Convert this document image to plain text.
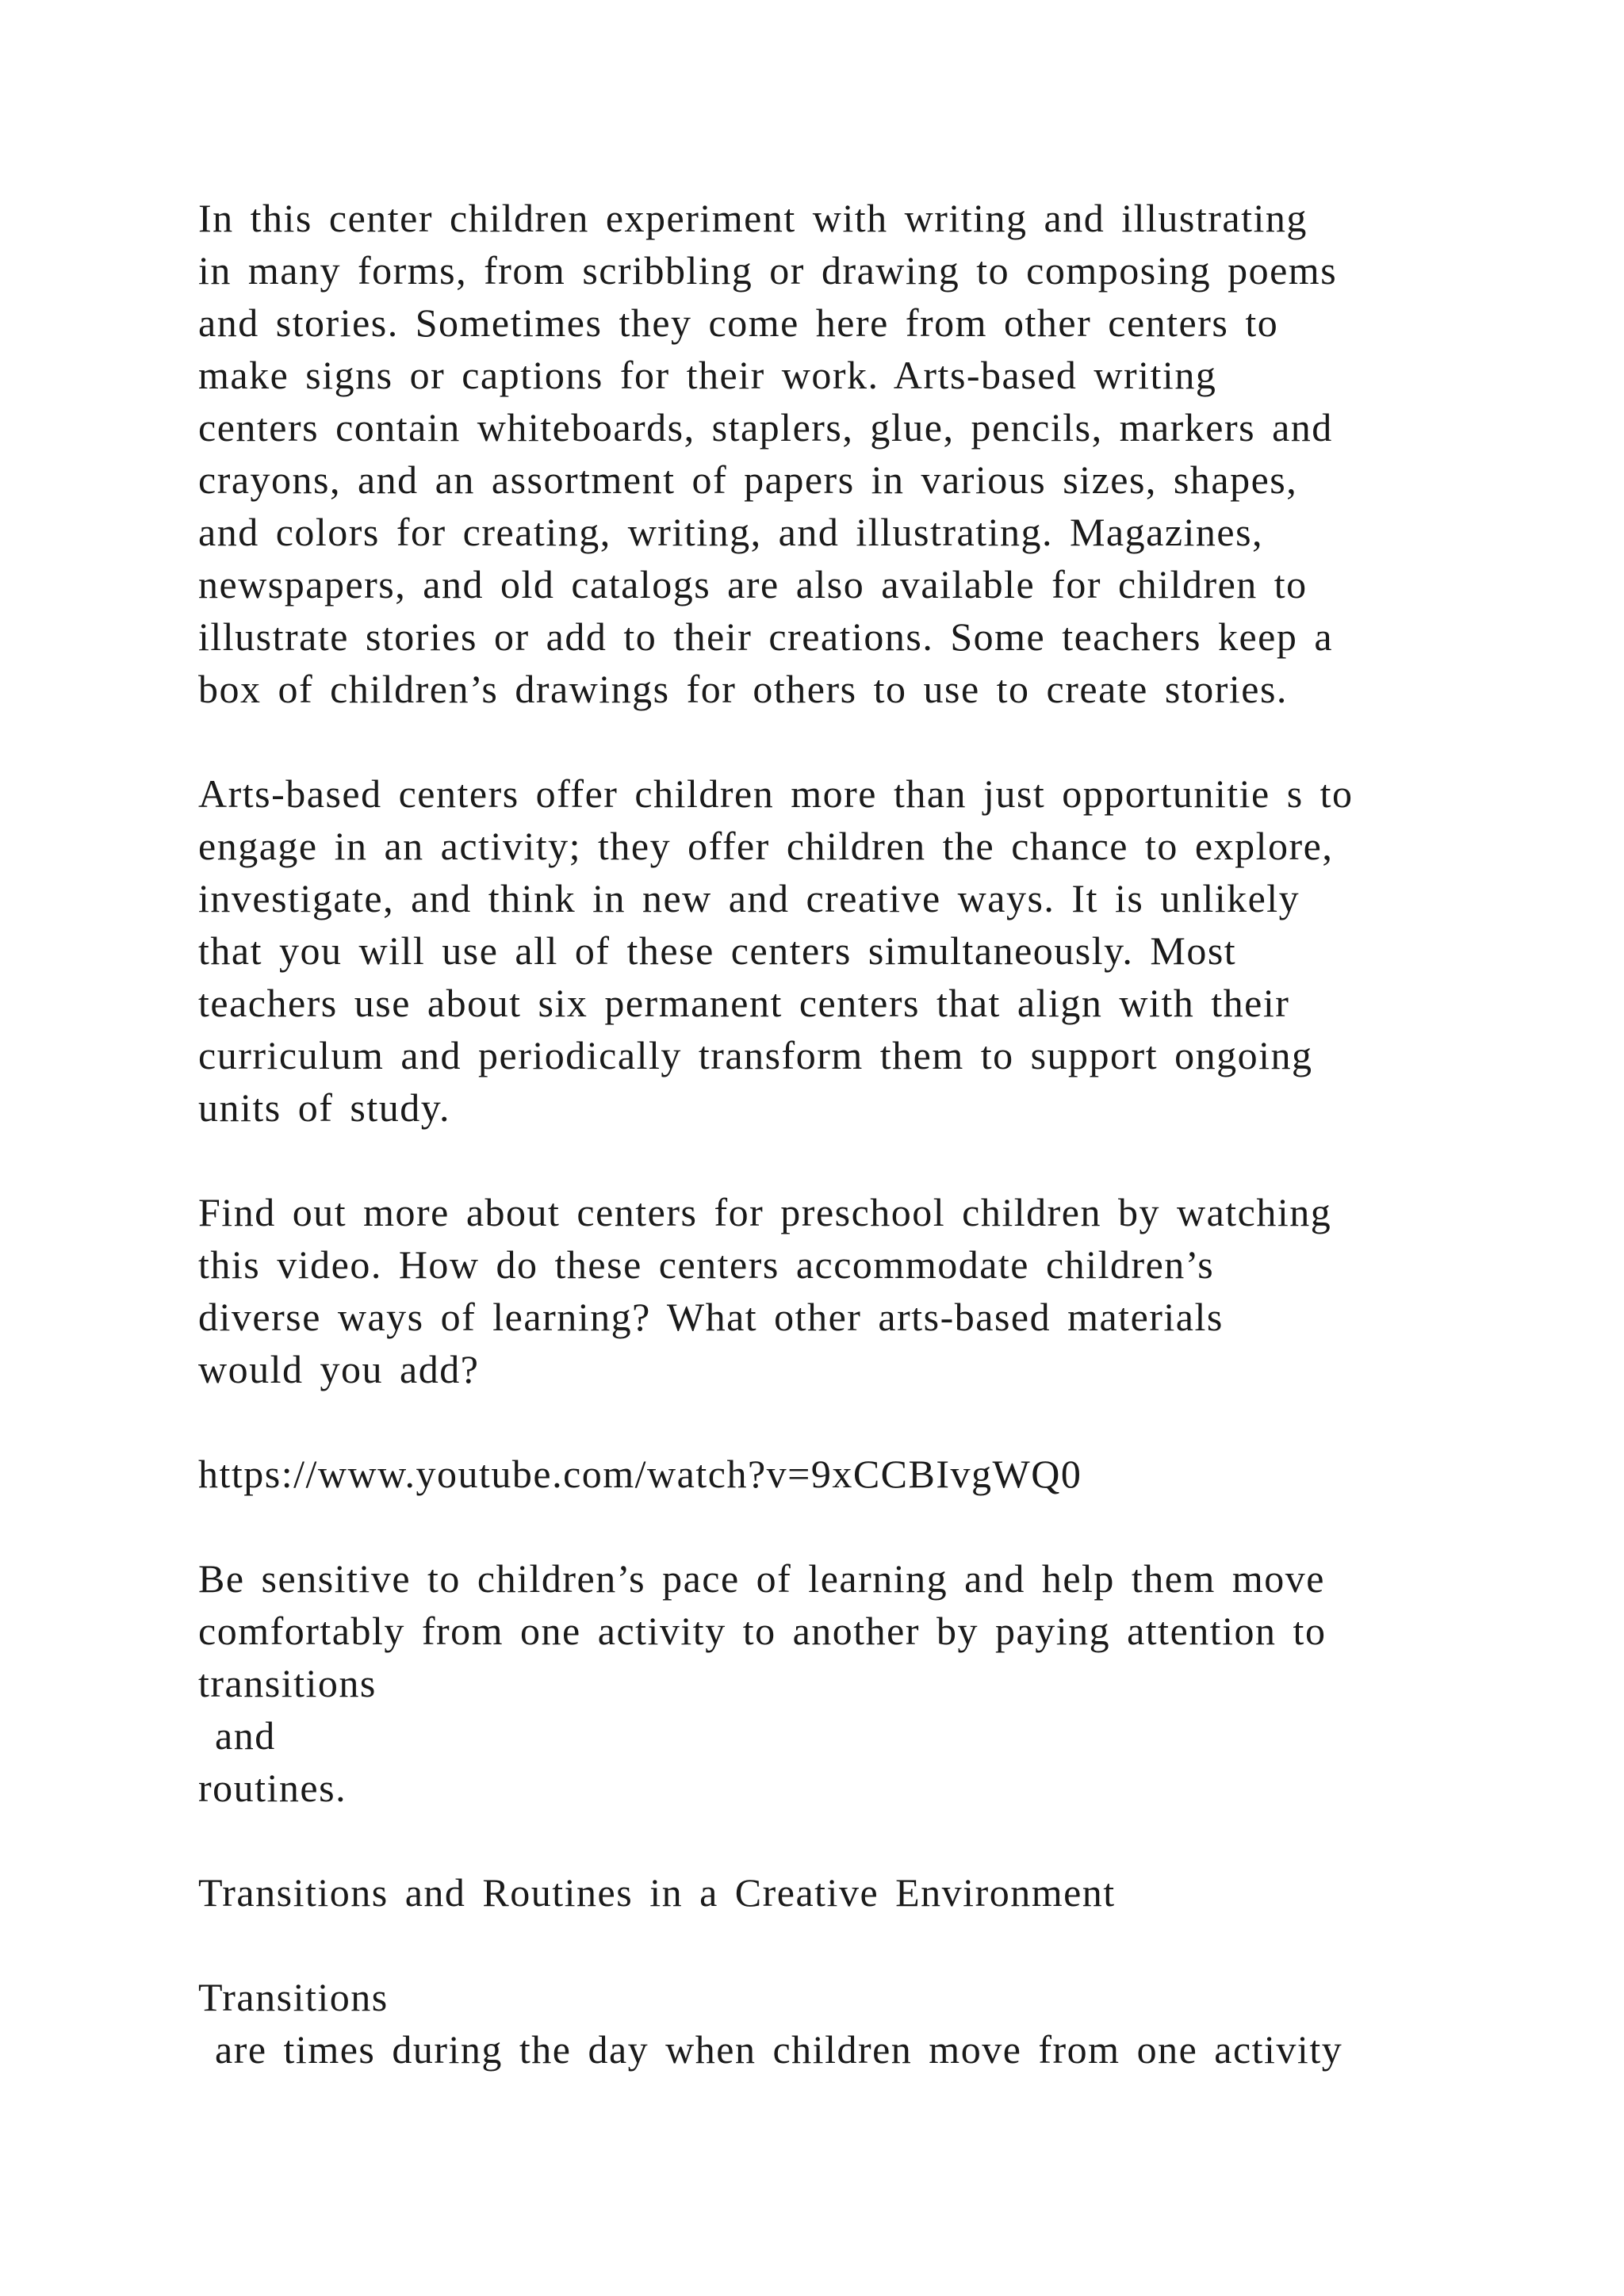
In this center children experiment with writing and illustrating
in many forms, from scribbling or drawing to composing poems
and stories. Sometimes they come here from other centers to
make signs or captions for their work. Arts-based writing
centers contain whiteboards, staplers, glue, pencils, markers and
crayons, and an assortment of papers in various sizes, shapes,
and colors for creating, writing, and illustrating. Magazines,
newspapers, and old catalogs are also available for children to
illustrate stories or add to their creations. Some teachers keep a
box of children’s drawings for others to use to create stories.

Arts-based centers offer children more than just opportunitie s to
engage in an activity; they offer children the chance to explore,
investigate, and think in new and creative ways. It is unlikely
that you will use all of these centers simultaneously. Most
teachers use about six permanent centers that align with their
curriculum and periodically transform them to support ongoing
units of study.

Find out more about centers for preschool children by watching
this video. How do these centers accommodate children’s
diverse ways of learning? What other arts-based materials
would you add?

https://www.youtube.com/watch?v=9xCCBIvgWQ0

Be sensitive to children’s pace of learning and help them move
comfortably from one activity to another by paying attention to
transitions
and
routines.

Transitions and Routines in a Creative Environment

Transitions
are times during the day when children move from one activity
